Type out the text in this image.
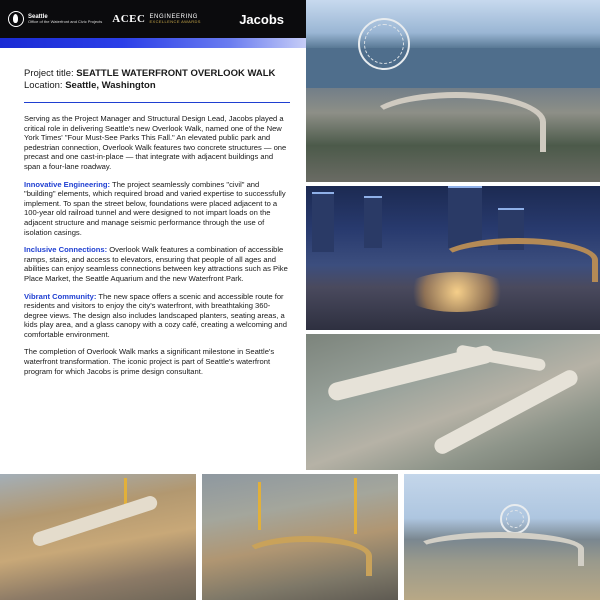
Seattle
Office of the Waterfront and Civic Projects ACEC ENGINEERING
EXCELLENCE AWARDS	Jacobs
Project title: SEATTLE WATERFRONT OVERLOOK WALK
Location: Seattle, Washington

Serving as the Project Manager and Structural Design Lead, Jacobs played a critical role in delivering Seattle's new Overlook Walk, named one of the New York Times' "Four Must-See Parks This Fall." An elevated public park and pedestrian connection, Overlook Walk features two concrete structures — one precast and one cast-in-place — that integrate with adjacent buildings and span a four-lane roadway.

Innovative Engineering: The project seamlessly combines "civil" and "building" elements, which required broad and varied expertise to successfully implement. To span the street below, foundations were placed adjacent to a 100-year old railroad tunnel and were designed to not impart loads on the adjacent structure and manage seismic performance through the use of isolation casings.

Inclusive Connections: Overlook Walk features a combination of accessible ramps, stairs, and access to elevators, ensuring that people of all ages and abilities can enjoy seamless connections between key attractions such as Pike Place Market, the Seattle Aquarium and the new Waterfront Park.

Vibrant Community: The new space offers a scenic and accessible route for residents and visitors to enjoy the city's waterfront, with breathtaking 360-degree views. The design also includes landscaped planters, seating areas, a kids play area, and a glass canopy with a cozy café, creating a welcoming and comfortable environment.

The completion of Overlook Walk marks a significant milestone in Seattle's waterfront transformation. The iconic project is part of Seattle's waterfront program for which Jacobs is prime design consultant.
